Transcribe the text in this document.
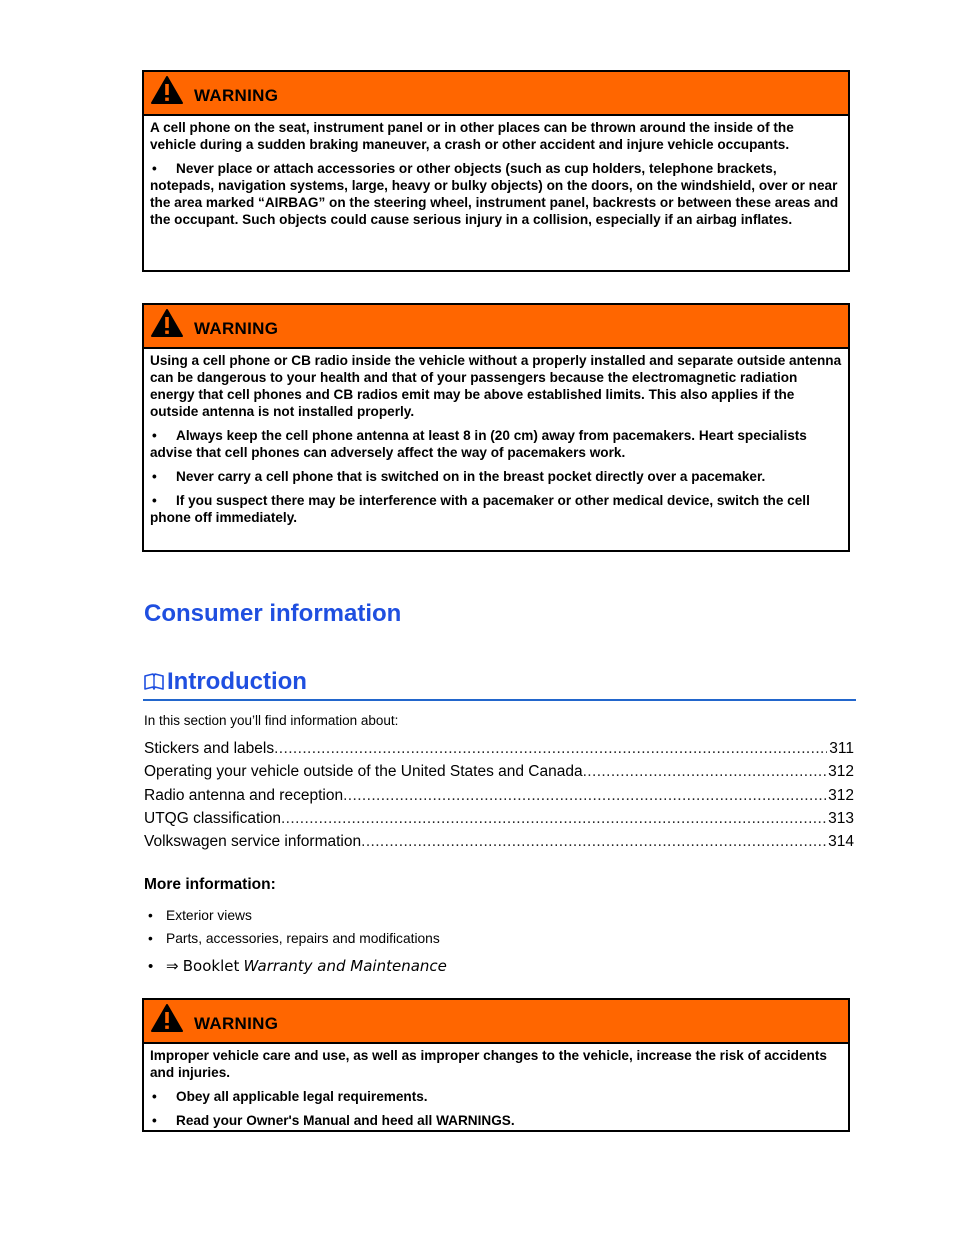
WARNING

A cell phone on the seat, instrument panel or in other places can be thrown around the inside of the vehicle during a sudden braking maneuver, a crash or other accident and injure vehicle occupants.

• Never place or attach accessories or other objects (such as cup holders, telephone brackets, notepads, navigation systems, large, heavy or bulky objects) on the doors, on the windshield, over or near the area marked “AIRBAG” on the steering wheel, instrument panel, backrests or between these areas and the occupant. Such objects could cause serious injury in a collision, especially if an airbag inflates.

WARNING

Using a cell phone or CB radio inside the vehicle without a properly installed and separate outside antenna can be dangerous to your health and that of your passengers because the electromagnetic radiation energy that cell phones and CB radios emit may be above established limits. This also applies if the outside antenna is not installed properly.

• Always keep the cell phone antenna at least 8 in (20 cm) away from pacemakers. Heart specialists advise that cell phones can adversely affect the way of pacemakers work.

• Never carry a cell phone that is switched on in the breast pocket directly over a pacemaker.

• If you suspect there may be interference with a pacemaker or other medical device, switch the cell phone off immediately.

Consumer information
Introduction
In this section you’ll find information about:
Stickers and labels .....	311
Operating your vehicle outside of the United States and Canada .....	312
Radio antenna and reception .....	312
UTQG classification .....	313
Volkswagen service information .....	314
More information:
• Exterior views
• Parts, accessories, repairs and modifications
• ⇒
Booklet
Warranty and Maintenance
WARNING

Improper vehicle care and use, as well as improper changes to the vehicle, increase the risk of accidents and injuries.

• Obey all applicable legal requirements.

• Read your Owner's Manual and heed all WARNINGS.
